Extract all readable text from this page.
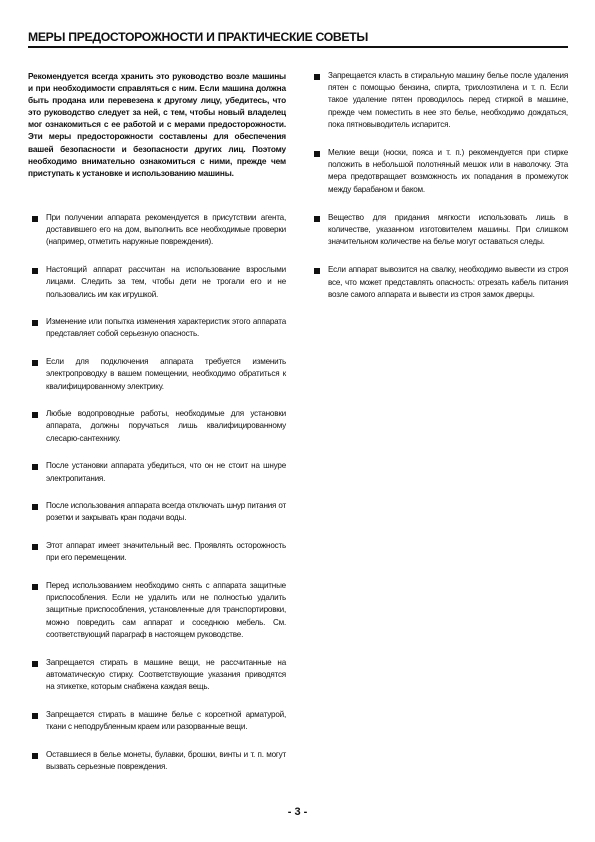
МЕРЫ ПРЕДОСТОРОЖНОСТИ И ПРАКТИЧЕСКИЕ СОВЕТЫ

Рекомендуется всегда хранить это руководство возле машины и при необходимости справляться с ним. Если машина должна быть продана или перевезена к другому лицу, убедитесь, что это руководство следует за ней, с тем, чтобы новый владелец мог ознакомиться с ее работой и с мерами предосторожности. Эти меры предосторожности составлены для обеспечения вашей безопасности и безопасности других лиц. Поэтому необходимо внимательно ознакомиться с ними, прежде чем приступать к установке и использованию машины.

При получении аппарата рекомендуется в присутствии агента, доставившего его на дом, выполнить все необходимые проверки (например, отметить наружные повреждения).
Настоящий аппарат рассчитан на использование взрослыми лицами. Следить за тем, чтобы дети не трогали его и не пользовались им как игрушкой.
Изменение или попытка изменения характеристик этого аппарата представляет собой серьезную опасность.
Если для подключения аппарата требуется изменить электропроводку в вашем помещении, необходимо обратиться к квалифицированному электрику.
Любые водопроводные работы, необходимые для установки аппарата, должны поручаться лишь квалифицированному слесарю-сантехнику.
После установки аппарата убедиться, что он не стоит на шнуре электропитания.
После использования аппарата всегда отключать шнур питания от розетки и закрывать кран подачи воды.
Этот аппарат имеет значительный вес. Проявлять осторожность при его перемещении.
Перед использованием необходимо снять с аппарата защитные приспособления. Если не удалить или не полностью удалить защитные приспособления, установленные для транспортировки, можно повредить сам аппарат и соседнюю мебель. См. соответствующий параграф в настоящем руководстве.
Запрещается стирать в машине вещи, не рассчитанные на автоматическую стирку. Соответствующие указания приводятся на этикетке, которым снабжена каждая вещь.
Запрещается стирать в машине белье с корсетной арматурой, ткани с неподрубленным краем или разорванные вещи.
Оставшиеся в белье монеты, булавки, брошки, винты и т. п. могут вызвать серьезные повреждения.
Запрещается класть в стиральную машину белье после удаления пятен с помощью бензина, спирта, трихлоэтилена и т. п. Если такое удаление пятен проводилось перед стиркой в машине, прежде чем поместить в нее это белье, необходимо дождаться, пока пятновыводитель испарится.
Мелкие вещи (носки, пояса и т. п.) рекомендуется при стирке положить в небольшой полотняный мешок или в наволочку. Эта мера предотвращает возможность их попадания в промежуток между барабаном и баком.
Вещество для придания мягкости использовать лишь в количестве, указанном изготовителем машины. При слишком значительном количестве на белье могут оставаться следы.
Если аппарат вывозится на свалку, необходимо вывести из строя все, что может представлять опасность: отрезать кабель питания возле самого аппарата и вывести из строя замок дверцы.
- 3 -
